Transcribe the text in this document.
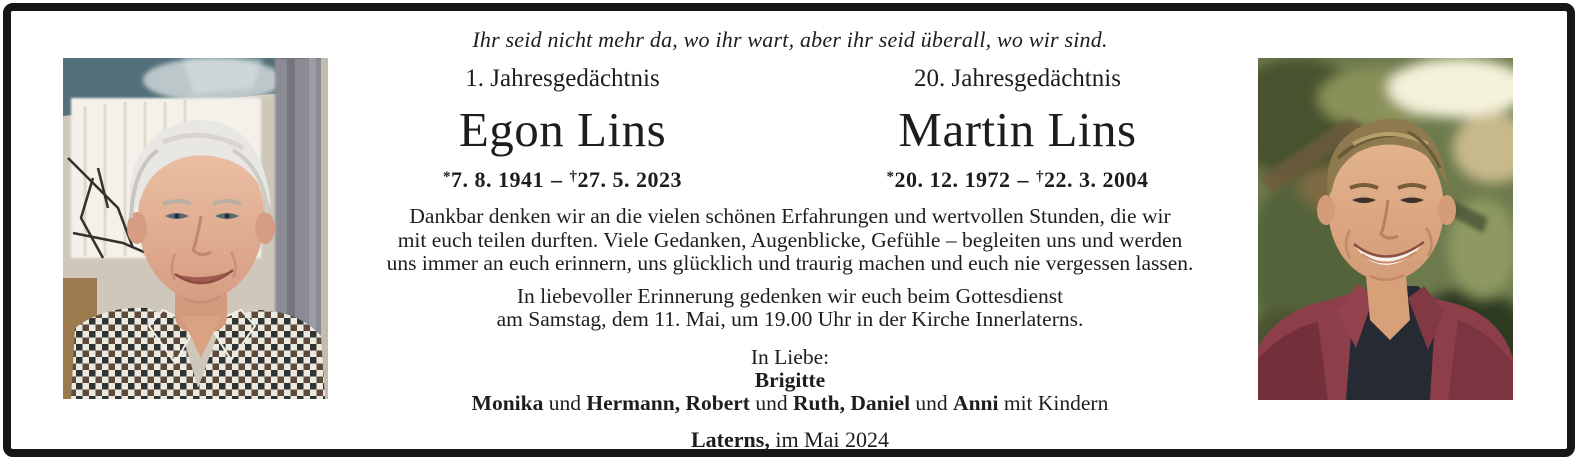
Ihr seid nicht mehr da, wo ihr wart, aber ihr seid überall, wo wir sind.
1. Jahresgedächtnis
Egon Lins
*7. 8. 1941 – †27. 5. 2023
20. Jahresgedächtnis
Martin Lins
*20. 12. 1972 – †22. 3. 2004
Dankbar denken wir an die vielen schönen Erfahrungen und wertvollen Stunden, die wir
mit euch teilen durften. Viele Gedanken, Augenblicke, Gefühle – begleiten uns und werden
uns immer an euch erinnern, uns glücklich und traurig machen und euch nie vergessen lassen.
In liebevoller Erinnerung gedenken wir euch beim Gottesdienst
am Samstag, dem 11. Mai, um 19.00 Uhr in der Kirche Innerlaterns.
In Liebe:
Brigitte
Monika und Hermann, Robert und Ruth, Daniel und Anni mit Kindern
Laterns, im Mai 2024
